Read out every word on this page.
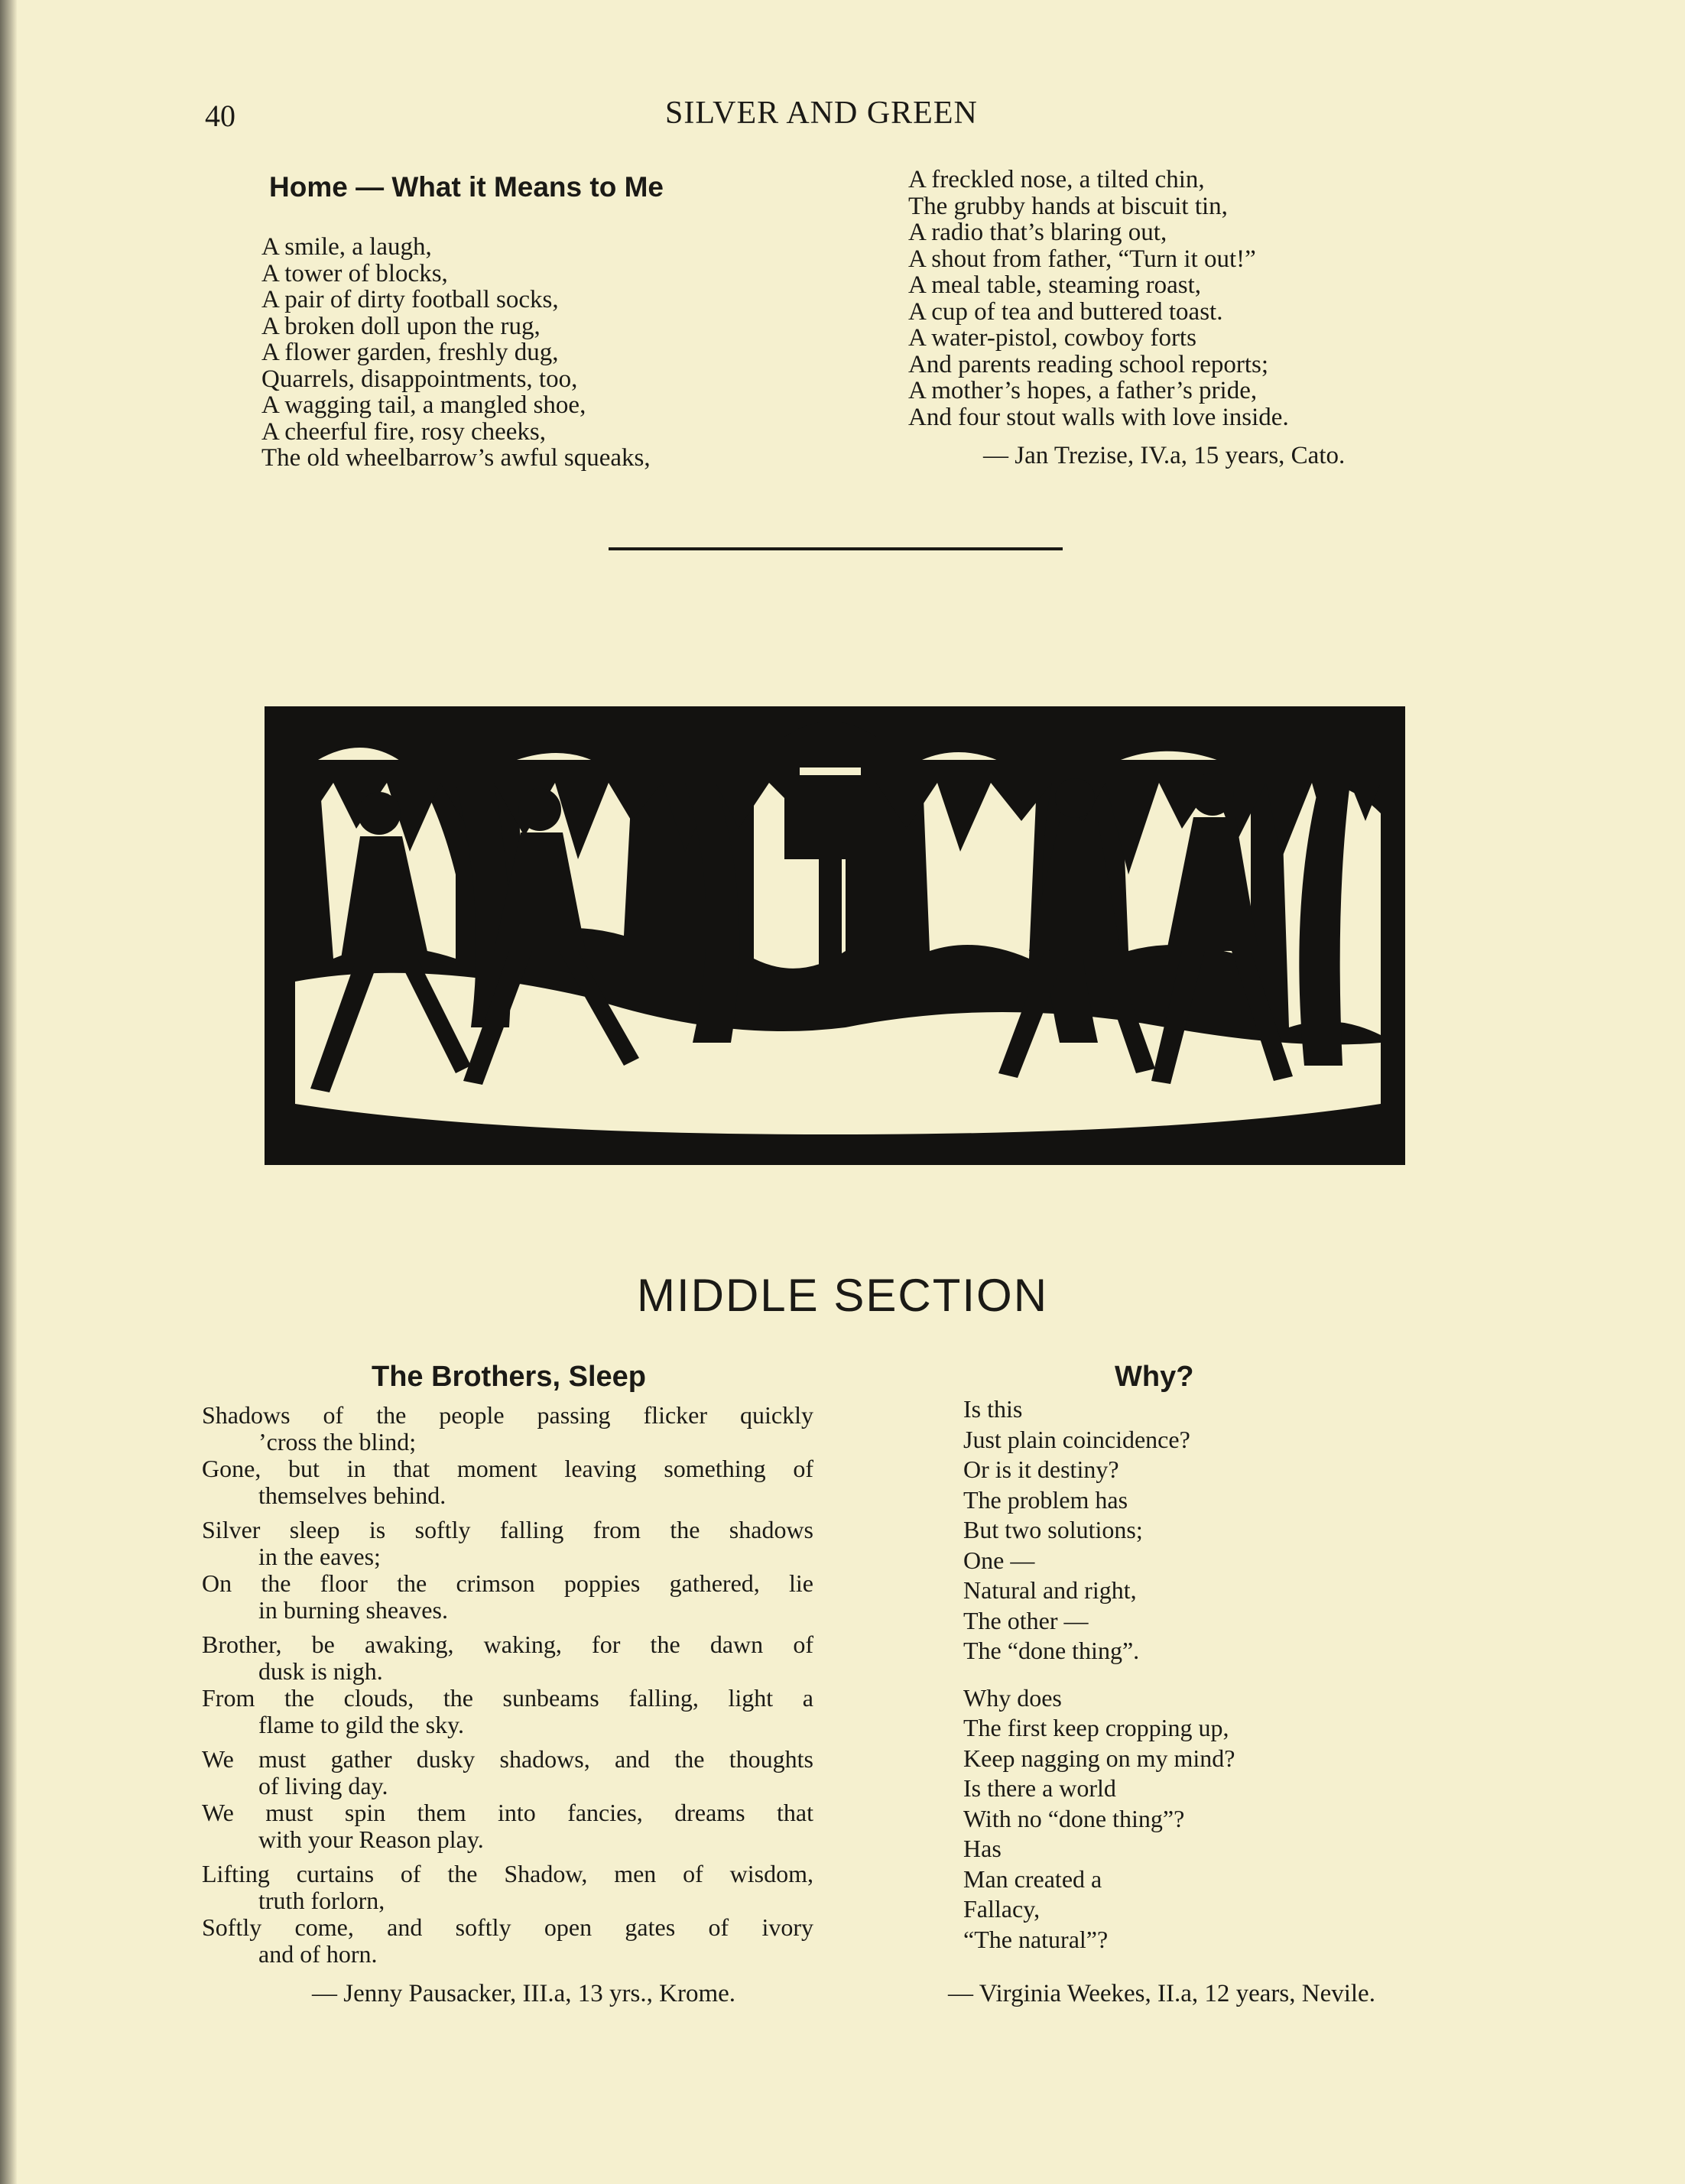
40	SILVER AND GREEN
Home — What it Means to Me
A smile, a laugh,
A tower of blocks,
A pair of dirty football socks,
A broken doll upon the rug,
A flower garden, freshly dug,
Quarrels, disappointments, too,
A wagging tail, a mangled shoe,
A cheerful fire, rosy cheeks,
The old wheelbarrow’s awful squeaks,
A freckled nose, a tilted chin,
The grubby hands at biscuit tin,
A radio that’s blaring out,
A shout from father, “Turn it out!”
A meal table, steaming roast,
A cup of tea and buttered toast.
A water-pistol, cowboy forts
And parents reading school reports;
A mother’s hopes, a father’s pride,
And four stout walls with love inside.
— Jan Trezise, IV.a, 15 years, Cato.
MIDDLE SECTION
The Brothers, Sleep

Shadows of the people passing flicker quickly

’cross the blind;

Gone, but in that moment leaving something of

themselves behind.

Silver sleep is softly falling from the shadows

in the eaves;

On the floor the crimson poppies gathered, lie

in burning sheaves.

Brother, be awaking, waking, for the dawn of

dusk is nigh.

From the clouds, the sunbeams falling, light a

flame to gild the sky.

We must gather dusky shadows, and the thoughts

of living day.

We must spin them into fancies, dreams that

with your Reason play.

Lifting curtains of the Shadow, men of wisdom,

truth forlorn,

Softly come, and softly open gates of ivory

and of horn.

— Jenny Pausacker, III.a, 13 yrs., Krome.
Why?
Is this
Just plain coincidence?
Or is it destiny?
The problem has
But two solutions;
One —
Natural and right,
The other —
The “done thing”.
Why does
The first keep cropping up,
Keep nagging on my mind?
Is there a world
With no “done thing”?
Has
Man created a
Fallacy,
“The natural”?
— Virginia Weekes, II.a, 12 years, Nevile.
